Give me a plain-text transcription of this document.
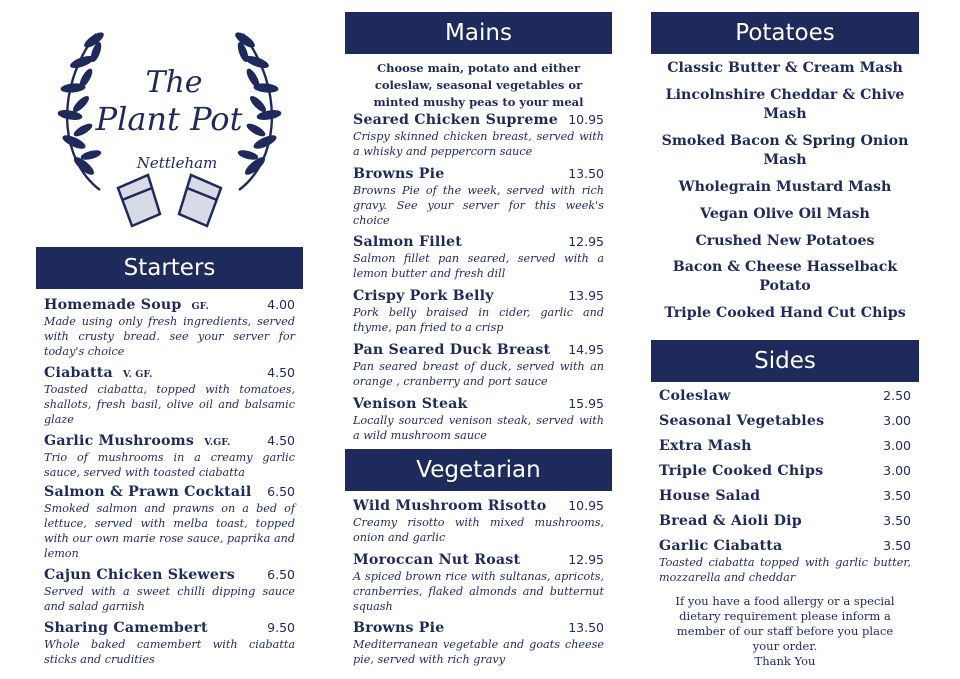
The
Plant Pot
Nettleham
Starters
Homemade Soup GF.	4.00
Made using only fresh ingredients, served with crusty bread. see your server for today's choice
Ciabatta V. GF.	4.50
Toasted ciabatta, topped with tomatoes, shallots, fresh basil, olive oil and balsamic glaze
Garlic Mushrooms V.GF.	4.50
Trio of mushrooms in a creamy garlic sauce, served with toasted ciabatta
Salmon & Prawn Cocktail 6.50
Smoked salmon and prawns on a bed of lettuce, served with melba toast, topped with our own marie rose sauce, paprika and lemon
Cajun Chicken Skewers	6.50
Served with a sweet chilli dipping sauce and salad garnish
Sharing Camembert	9.50
Whole baked camembert with ciabatta sticks and crudities
Mains
Choose main, potato and either coleslaw, seasonal vegetables or minted mushy peas to your meal
Seared Chicken Supreme 10.95
Crispy skinned chicken breast, served with a whisky and peppercorn sauce
Browns Pie	13.50
Browns Pie of the week, served with rich gravy. See your server for this week's choice
Salmon Fillet	12.95
Salmon fillet pan seared, served with a lemon butter and fresh dill
Crispy Pork Belly	13.95
Pork belly braised in cider, garlic and thyme, pan fried to a crisp
Pan Seared Duck Breast 14.95
Pan seared breast of duck, served with an orange , cranberry and port sauce
Venison Steak	15.95
Locally sourced venison steak, served with a wild mushroom sauce
Vegetarian
Wild Mushroom Risotto 10.95
Creamy risotto with mixed mushrooms, onion and garlic
Moroccan Nut Roast	12.95
A spiced brown rice with sultanas, apricots, cranberries, flaked almonds and butternut squash
Browns Pie	13.50
Mediterranean vegetable and goats cheese pie, served with rich gravy
Potatoes
Classic Butter & Cream Mash
Lincolnshire Cheddar & Chive Mash
Smoked Bacon & Spring Onion Mash
Wholegrain Mustard Mash
Vegan Olive Oil Mash
Crushed New Potatoes
Bacon & Cheese Hasselback Potato
Triple Cooked Hand Cut Chips
Sides
Coleslaw	2.50
Seasonal Vegetables	3.00
Extra Mash	3.00
Triple Cooked Chips	3.00
House Salad	3.50
Bread & Aioli Dip	3.50
Garlic Ciabatta	3.50
Toasted ciabatta topped with garlic butter, mozzarella and cheddar
If you have a food allergy or a special
dietary requirement please inform a
member of our staff before you place
your order.
Thank You
